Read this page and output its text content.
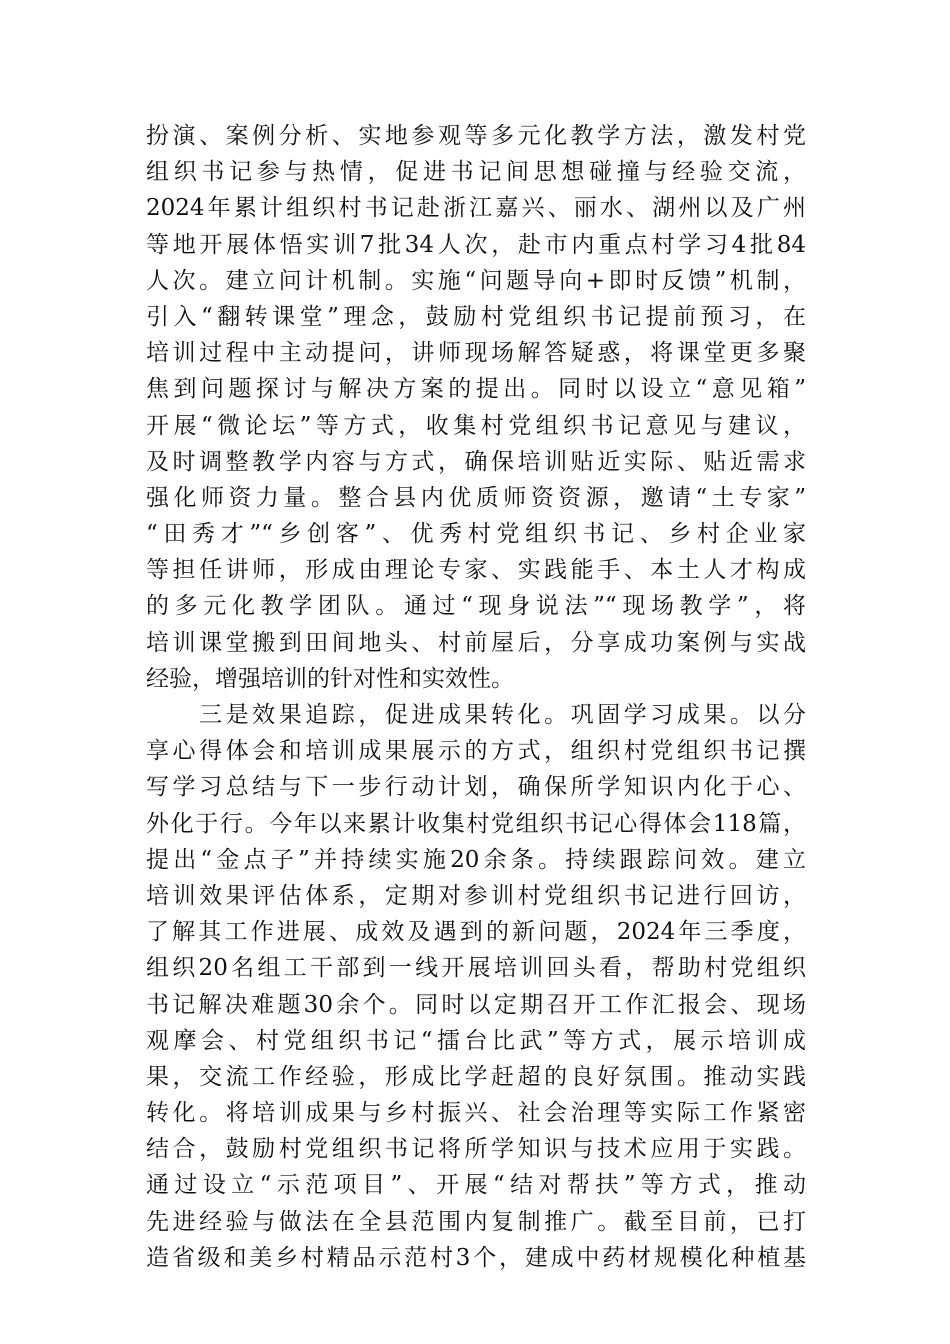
扮演、案例分析、实地参观等多元化教学方法，激发村党
组织书记参与热情，促进书记间思想碰撞与经验交流，
2024年累计组织村书记赴浙江嘉兴、丽水、湖州以及广州
等地开展体悟实训7批34人次，赴市内重点村学习4批84
人次。建立问计机制。实施“问题导向+即时反馈”机制，
引入“翻转课堂”理念，鼓励村党组织书记提前预习，在
培训过程中主动提问，讲师现场解答疑惑，将课堂更多聚
焦到问题探讨与解决方案的提出。同时以设立“意见箱”
开展“微论坛”等方式，收集村党组织书记意见与建议，
及时调整教学内容与方式，确保培训贴近实际、贴近需求
强化师资力量。整合县内优质师资资源，邀请“土专家”
“田秀才”“乡创客”、优秀村党组织书记、乡村企业家
等担任讲师，形成由理论专家、实践能手、本土人才构成
的多元化教学团队。通过“现身说法”“现场教学”，将
培训课堂搬到田间地头、村前屋后，分享成功案例与实战
经验，增强培训的针对性和实效性。
　　三是效果追踪，促进成果转化。巩固学习成果。以分
享心得体会和培训成果展示的方式，组织村党组织书记撰
写学习总结与下一步行动计划，确保所学知识内化于心、
外化于行。今年以来累计收集村党组织书记心得体会118篇，
提出“金点子”并持续实施20余条。持续跟踪问效。建立
培训效果评估体系，定期对参训村党组织书记进行回访，
了解其工作进展、成效及遇到的新问题，2024年三季度，
组织20名组工干部到一线开展培训回头看，帮助村党组织
书记解决难题30余个。同时以定期召开工作汇报会、现场
观摩会、村党组织书记“擂台比武”等方式，展示培训成
果，交流工作经验，形成比学赶超的良好氛围。推动实践
转化。将培训成果与乡村振兴、社会治理等实际工作紧密
结合，鼓励村党组织书记将所学知识与技术应用于实践。
通过设立“示范项目”、开展“结对帮扶”等方式，推动
先进经验与做法在全县范围内复制推广。截至目前，已打
造省级和美乡村精品示范村3个，建成中药材规模化种植基
